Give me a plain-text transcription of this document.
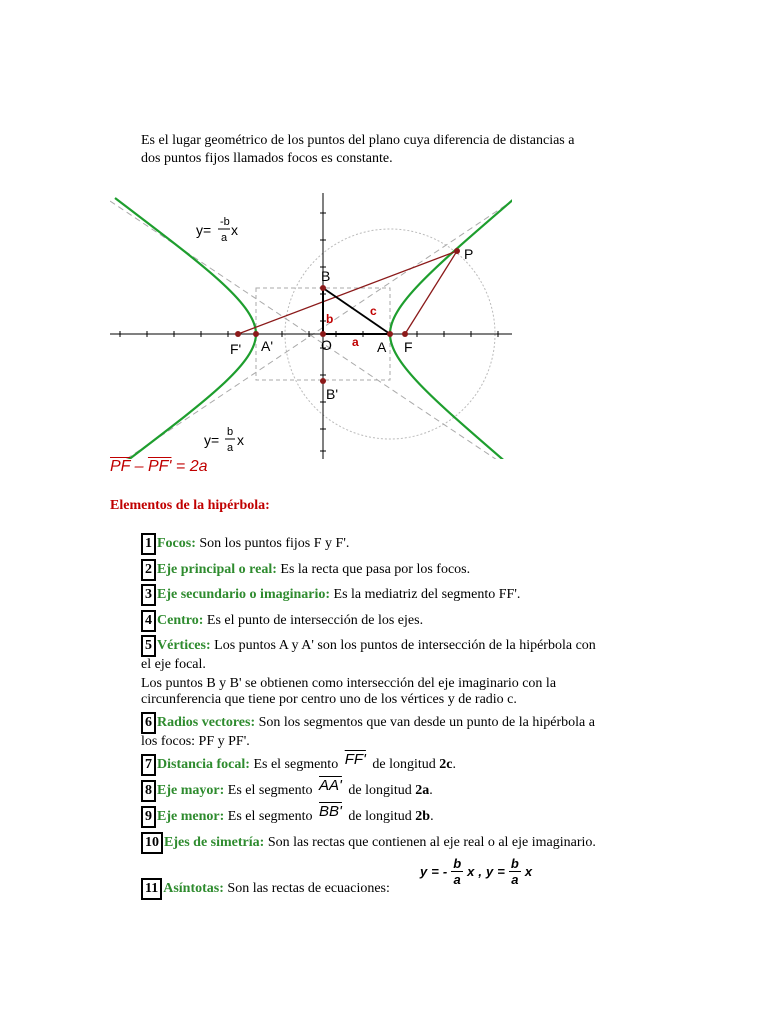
Es el lugar geométrico de los puntos del plano cuya diferencia de distancias a
dos puntos fijos llamados focos es constante.
P
B
b
c
F' A'	O a A F
B'
y= -b
a x
y= b
a x
$\overline{PF} - PF' = 2a$
Elementos de la hipérbola:
1 Focos: Son los puntos fijos F y F'.
2 Eje principal o real: Es la recta que pasa por los focos.
3 Eje secundario o imaginario: Es la mediatriz del segmento FF'.
4 Centro: Es el punto de intersección de los ejes.
5 Vértices: Los puntos A y A' son los puntos de intersección de la hipérbola con
el eje focal.
Los puntos B y B' se obtienen como intersección del eje imaginario con la
circunferencia que tiene por centro uno de los vértices y de radio c.
6 Radios vectores: Son los segmentos que van desde un punto de la hipérbola a
los focos: PF y PF'.
7 Distancia focal: Es el segmento FF' de longitud 2c.
8 Eje mayor: Es el segmento AA' de longitud 2a.
9 Eje menor: Es el segmento BB' de longitud 2b.
10 Ejes de simetría: Son las rectas que contienen al eje real o al eje imaginario.
11 Asíntotas: Son las rectas de ecuaciones:
y = - $\frac{b}{a}$ x , $y = \frac{b}{a}$ x
